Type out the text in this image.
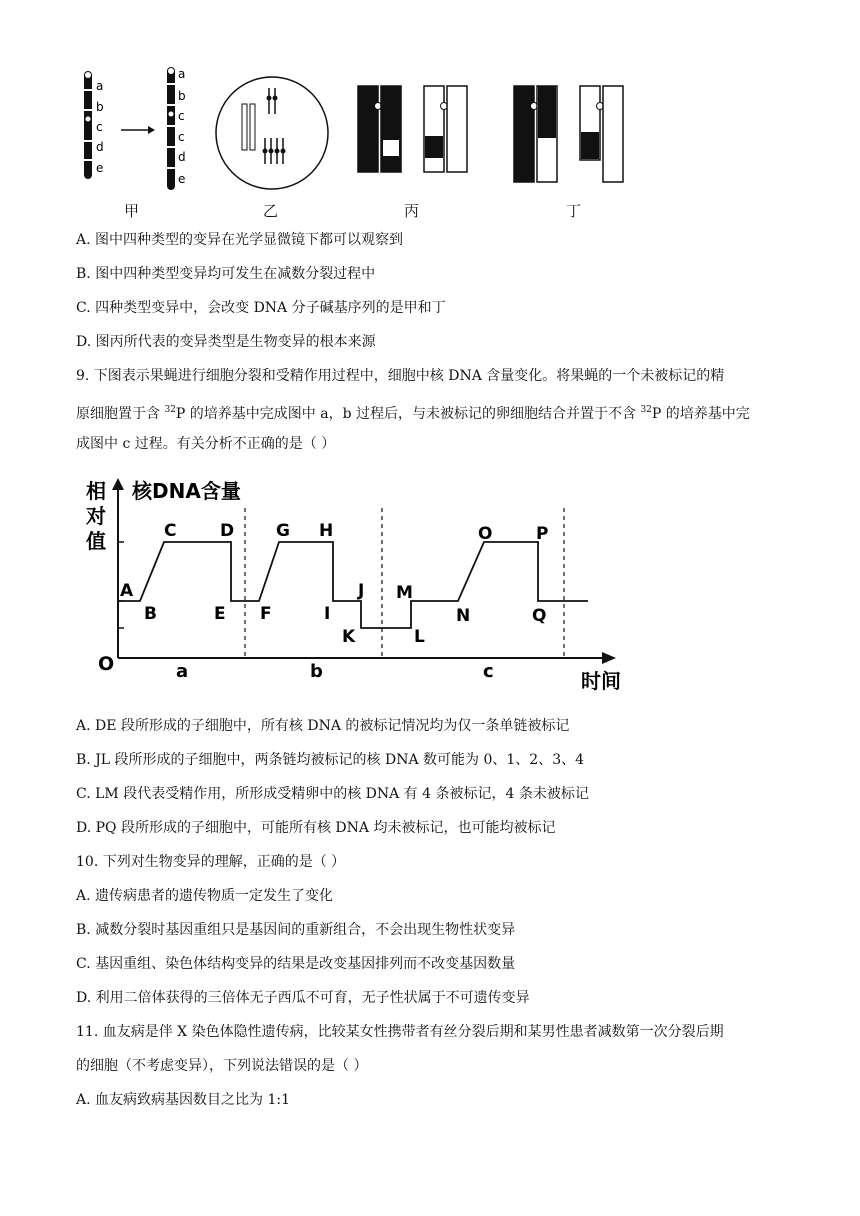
a
b
c
d
e
a
b
c
c
d
e
甲	乙	丙	丁
A. 图中四种类型的变异在光学显微镜下都可以观察到
B. 图中四种类型变异均可发生在减数分裂过程中
C. 四种类型变异中，会改变 DNA 分子碱基序列的是甲和丁
D. 图丙所代表的变异类型是生物变异的根本来源
9. 下图表示果蝇进行细胞分裂和受精作用过程中，细胞中核 DNA 含量变化。将果蝇的一个未被标记的精
原细胞置于含 $^{32}$P 的培养基中完成图中 a，b 过程后，与未被标记的卵细胞结合并置于不含 $^{32}$P 的培养基中完
成图中 c 过程。有关分析不正确的是（ ）
相
对
值
核DNA含量
O
时间
a	b	c
A
B
C	D
E F
G H
I
J
K	L
M
N
O	P
Q
A. DE 段所形成的子细胞中，所有核 DNA 的被标记情况均为仅一条单链被标记
B. JL 段所形成的子细胞中，两条链均被标记的核 DNA 数可能为 0、1、2、3、4
C. LM 段代表受精作用，所形成受精卵中的核 DNA 有 4 条被标记，4 条未被标记
D. PQ 段所形成的子细胞中，可能所有核 DNA 均未被标记，也可能均被标记
10. 下列对生物变异的理解，正确的是（ ）
A. 遗传病患者的遗传物质一定发生了变化
B. 减数分裂时基因重组只是基因间的重新组合，不会出现生物性状变异
C. 基因重组、染色体结构变异的结果是改变基因排列而不改变基因数量
D. 利用二倍体获得的三倍体无子西瓜不可育，无子性状属于不可遗传变异
11. 血友病是伴 X 染色体隐性遗传病，比较某女性携带者有丝分裂后期和某男性患者减数第一次分裂后期
的细胞（不考虑变异），下列说法错误的是（ ）
A. 血友病致病基因数目之比为 1:1
